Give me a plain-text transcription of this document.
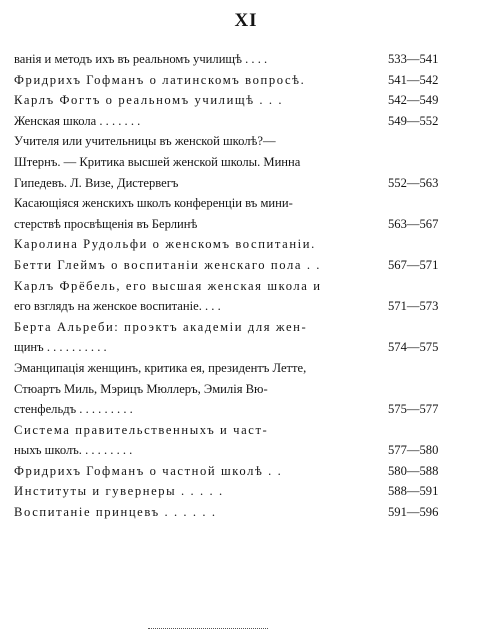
XI
ванія и методъ ихъ въ реальномъ училищѣ . . . .	533—541
Фридрихъ Гофманъ о латинскомъ вопросѣ.	541—542
Карлъ Фогтъ о реальномъ училищѣ . . .	542—549
Женская школа . . . . . . .	549—552
Учителя или учительницы въ женской школѣ?—
Штернъ. — Критика высшей женской школы. Минна
Гипедевъ. Л. Визе, Дистервегъ	552—563
Касающіяся женскихъ школъ конференціи въ мини-
стерствѣ просвѣщенія въ Берлинѣ	563—567
Каролина Рудольфи о женскомъ воспитаніи.
Бетти Глеймъ о воспитаніи женскаго пола . .	567—571
Карлъ Фрёбель, его высшая женская школа и
его взглядъ на женское воспитаніе. . . .	571—573
Берта Альреби: проэктъ академіи для жен-
щинъ . . . . . . . . . .	574—575
Эманципація женщинъ, критика ея, президентъ Летте,
Стюартъ Миль, Мэрицъ Мюллеръ, Эмилія Вю-
стенфельдъ . . . . . . . . .	575—577
Система правительственныхъ и част-
ныхъ школъ. . . . . . . . .	577—580
Фридрихъ Гофманъ о частной школѣ . .	580—588
Институты и гувернеры . . . . .	588—591
Воспитаніе принцевъ . . . . . .	591—596
